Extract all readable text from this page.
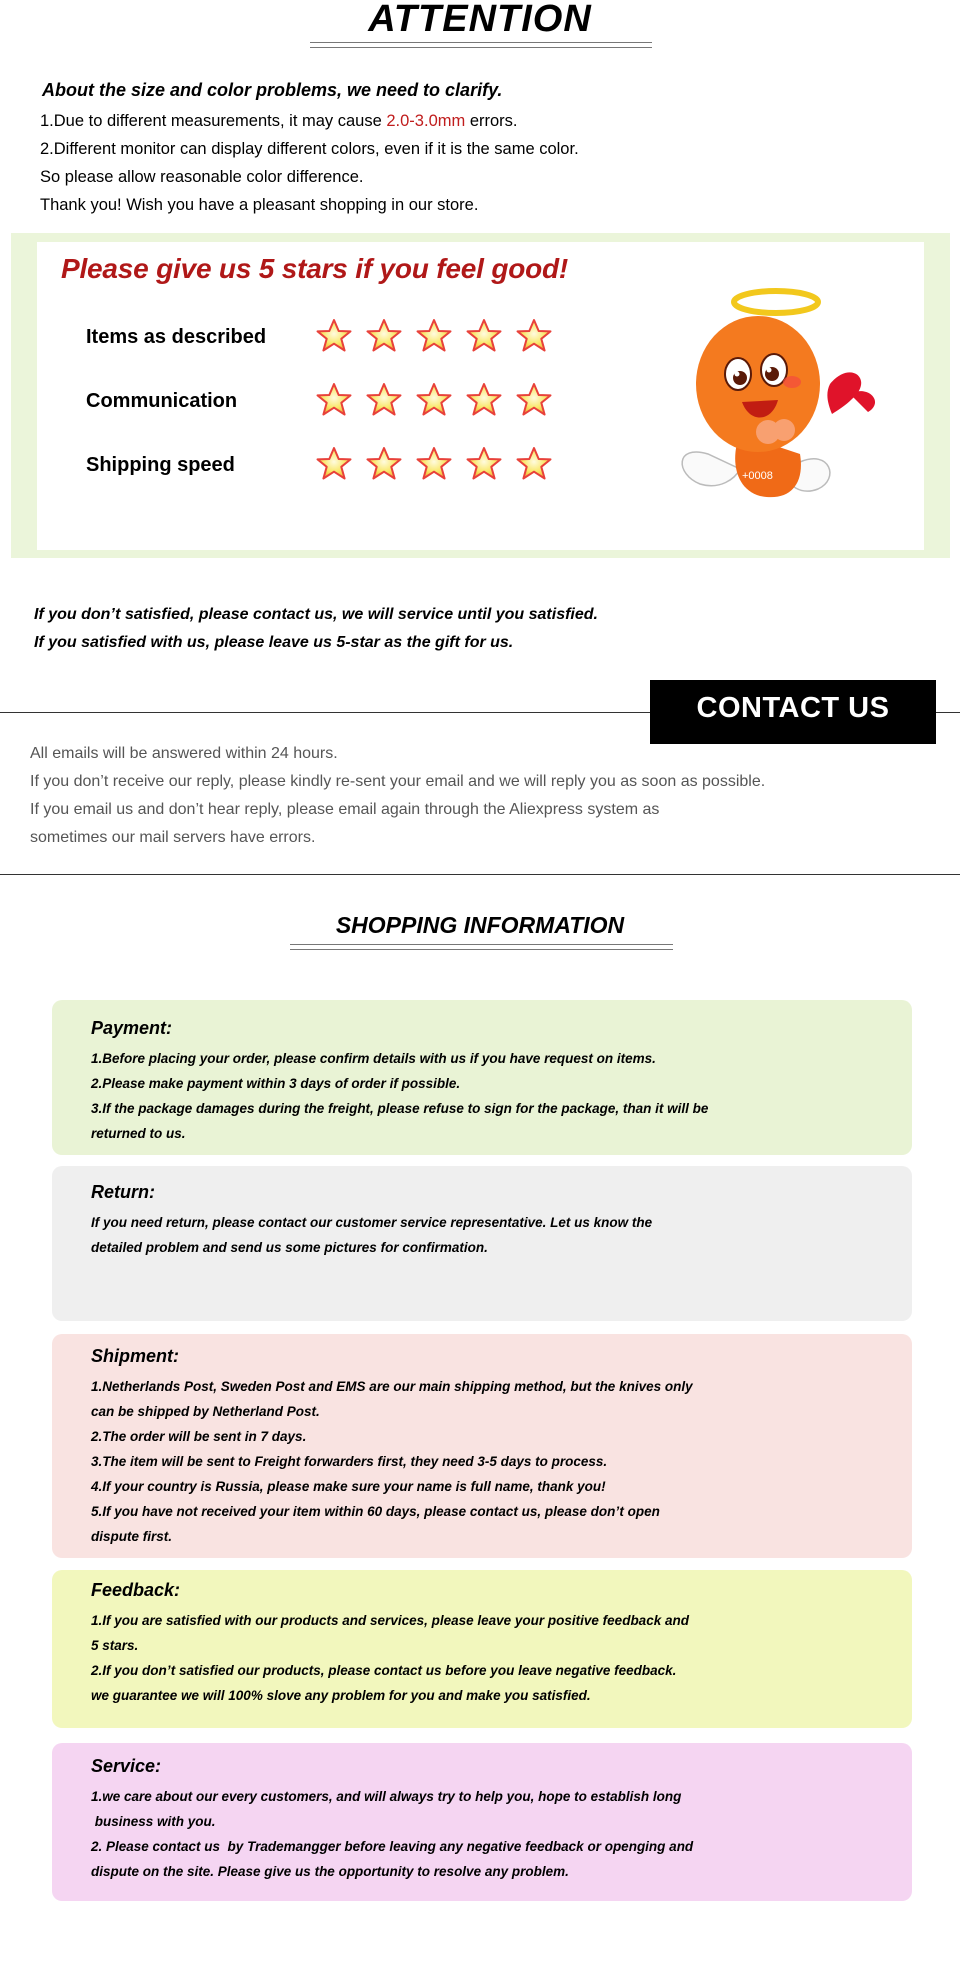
ATTENTION
About the size and color problems, we need to clarify.
1.Due to different measurements, it may cause 2.0-3.0mm errors.
2.Different monitor can display different colors, even if it is the same color.
So please allow reasonable color difference.
Thank you! Wish you have a pleasant shopping in our store.
Please give us 5 stars if you feel good!
Items as described
Communication
Shipping speed	+0008
If you don’t satisfied, please contact us, we will service until you satisfied.
If you satisfied with us, please leave us 5-star as the gift for us.
CONTACT US
All emails will be answered within 24 hours.
If you don’t receive our reply, please kindly re-sent your email and we will reply you as soon as possible.
If you email us and don’t hear reply, please email again through the Aliexpress system as
sometimes our mail servers have errors.
SHOPPING INFORMATION
Payment:
1.Before placing your order, please confirm details with us if you have request on items.
2.Please make payment within 3 days of order if possible.
3.If the package damages during the freight, please refuse to sign for the package, than it will be
returned to us.
Return:
If you need return, please contact our customer service representative. Let us know the
detailed problem and send us some pictures for confirmation.
Shipment:
1.Netherlands Post, Sweden Post and EMS are our main shipping method, but the knives only
can be shipped by Netherland Post.
2.The order will be sent in 7 days.
3.The item will be sent to Freight forwarders first, they need 3-5 days to process.
4.If your country is Russia, please make sure your name is full name, thank you!
5.If you have not received your item within 60 days, please contact us, please don’t open
dispute first.
Feedback:
1.If you are satisfied with our products and services, please leave your positive feedback and
5 stars.
2.If you don’t satisfied our products, please contact us before you leave negative feedback.
we guarantee we will 100% slove any problem for you and make you satisfied.
Service:
1.we care about our every customers, and will always try to help you, hope to establish long
business with you.
2. Please contact us  by Trademangger before leaving any negative feedback or openging and
dispute on the site. Please give us the opportunity to resolve any problem.
